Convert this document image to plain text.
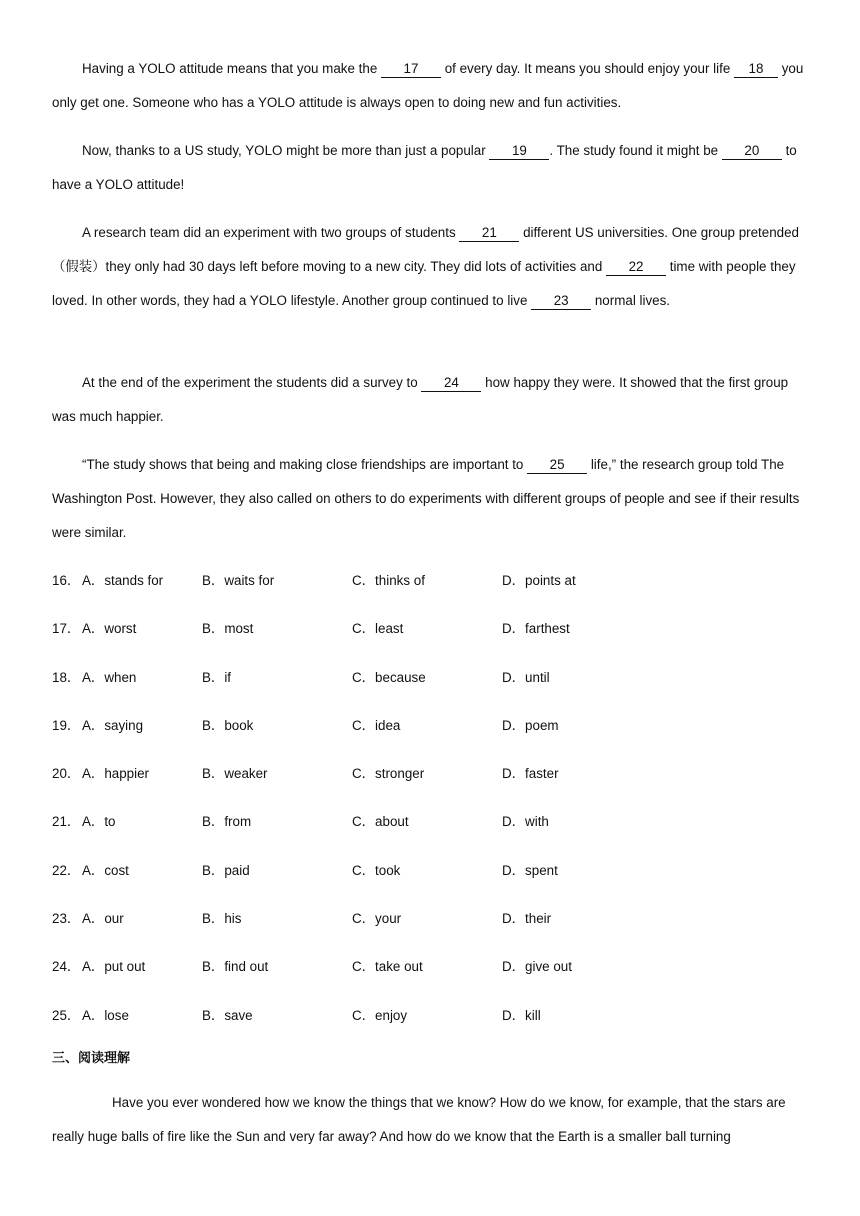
Having a YOLO attitude means that you make the 17 of every day. It means you should enjoy your life 18 you only get one. Someone who has a YOLO attitude is always open to doing new and fun activities.

Now, thanks to a US study, YOLO might be more than just a popular 19 . The study found it might be 20 to have a YOLO attitude!

A research team did an experiment with two groups of students 21 different US universities. One group pretended（假装）they only had 30 days left before moving to a new city. They did lots of activities and 22 time with people they loved. In other words, they had a YOLO lifestyle. Another group continued to live 23 normal lives.

At the end of the experiment the students did a survey to 24 how happy they were. It showed that the first group was much happier.

“The study shows that being and making close friendships are important to 25 life,” the research group told The Washington Post. However, they also called on others to do experiments with different groups of people and see if their results were similar.

16． A．stands for	B．waits for	C．thinks of	D．points at
17． A．worst	B．most	C．least	D．farthest
18． A．when	B．if	C．because	D．until
19． A．saying	B．book	C．idea	D．poem
20． A．happier	B．weaker	C．stronger	D．faster
21． A．to	B．from	C．about	D．with
22． A．cost	B．paid	C．took	D．spent
23． A．our	B．his	C．your	D．their
24． A．put out	B．find out	C．take out	D．give out
25． A．lose	B．save	C．enjoy	D．kill
三、阅读理解

Have you ever wondered how we know the things that we know? How do we know, for example, that the stars are really huge balls of fire like the Sun and very far away? And how do we know that the Earth is a smaller ball turning
